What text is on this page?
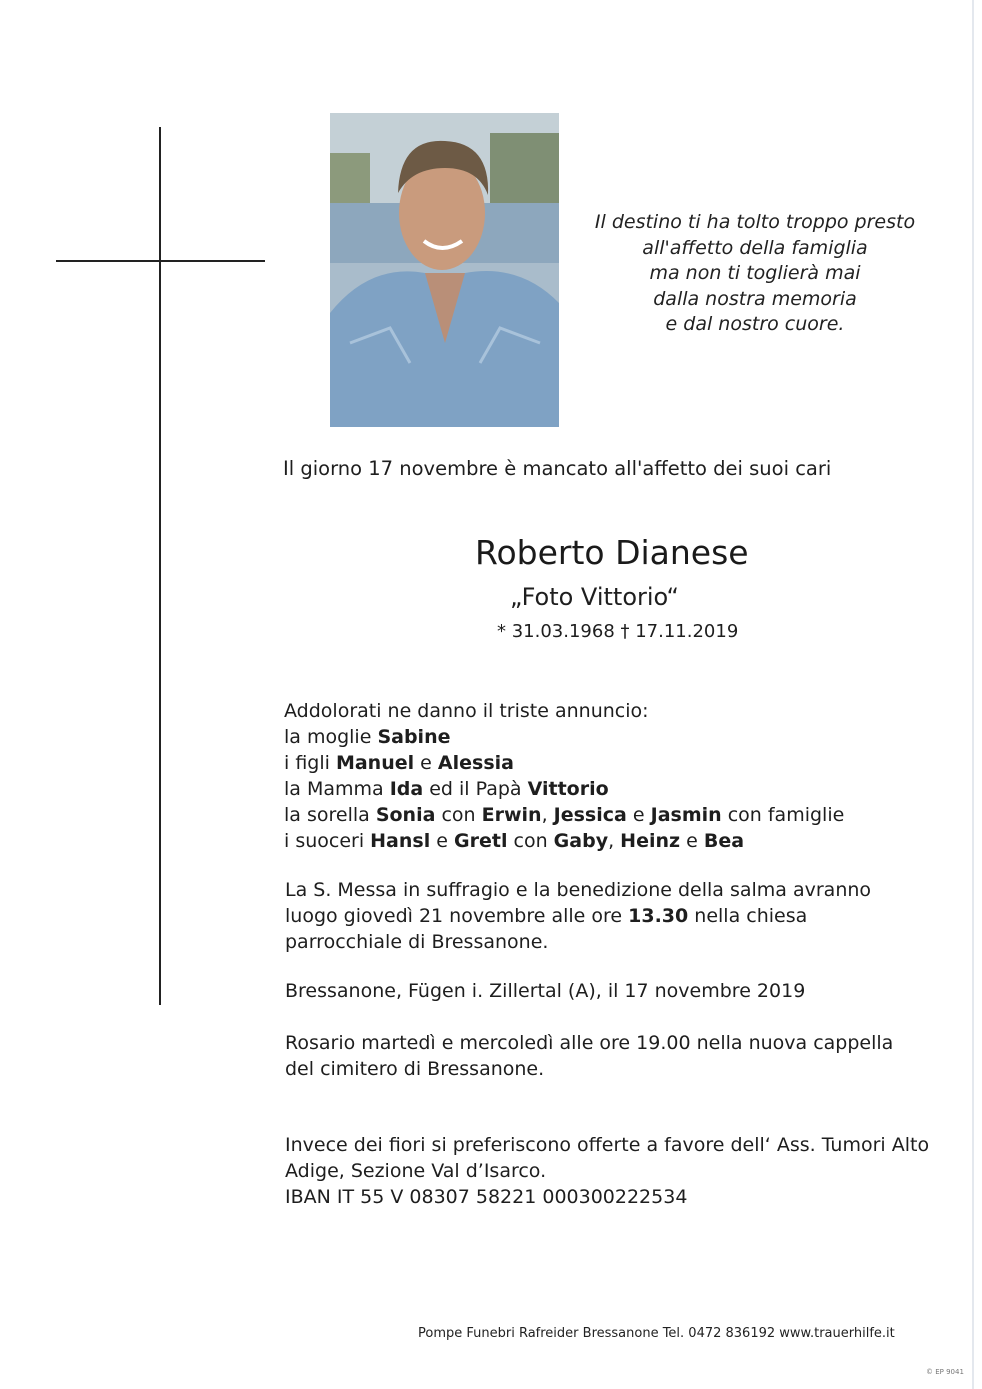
Il destino ti ha tolto troppo presto
all'affetto della famiglia
ma non ti toglierà mai
dalla nostra memoria
e dal nostro cuore.
Il giorno 17 novembre è mancato all'affetto dei suoi cari
Roberto Dianese
„Foto Vittorio“
* 31.03.1968 † 17.11.2019
Addolorati ne danno il triste annuncio:
la moglie Sabine
i figli Manuel e Alessia
la Mamma Ida ed il Papà Vittorio
la sorella Sonia con Erwin, Jessica e Jasmin con famiglie
i suoceri Hansl e Gretl con Gaby, Heinz e Bea
La S. Messa in suffragio e la benedizione della salma avranno luogo giovedì 21 novembre alle ore 13.30 nella chiesa parrocchiale di Bressanone.
Bressanone, Fügen i. Zillertal (A), il 17 novembre 2019
Rosario martedì e mercoledì alle ore 19.00 nella nuova cappella del cimitero di Bressanone.
Invece dei fiori si preferiscono offerte a favore dell‘ Ass. Tumori Alto
Adige, Sezione Val d’Isarco.
IBAN IT 55 V 08307 58221 000300222534
Pompe Funebri Rafreider Bressanone Tel. 0472 836192 www.trauerhilfe.it
© EP 9041
